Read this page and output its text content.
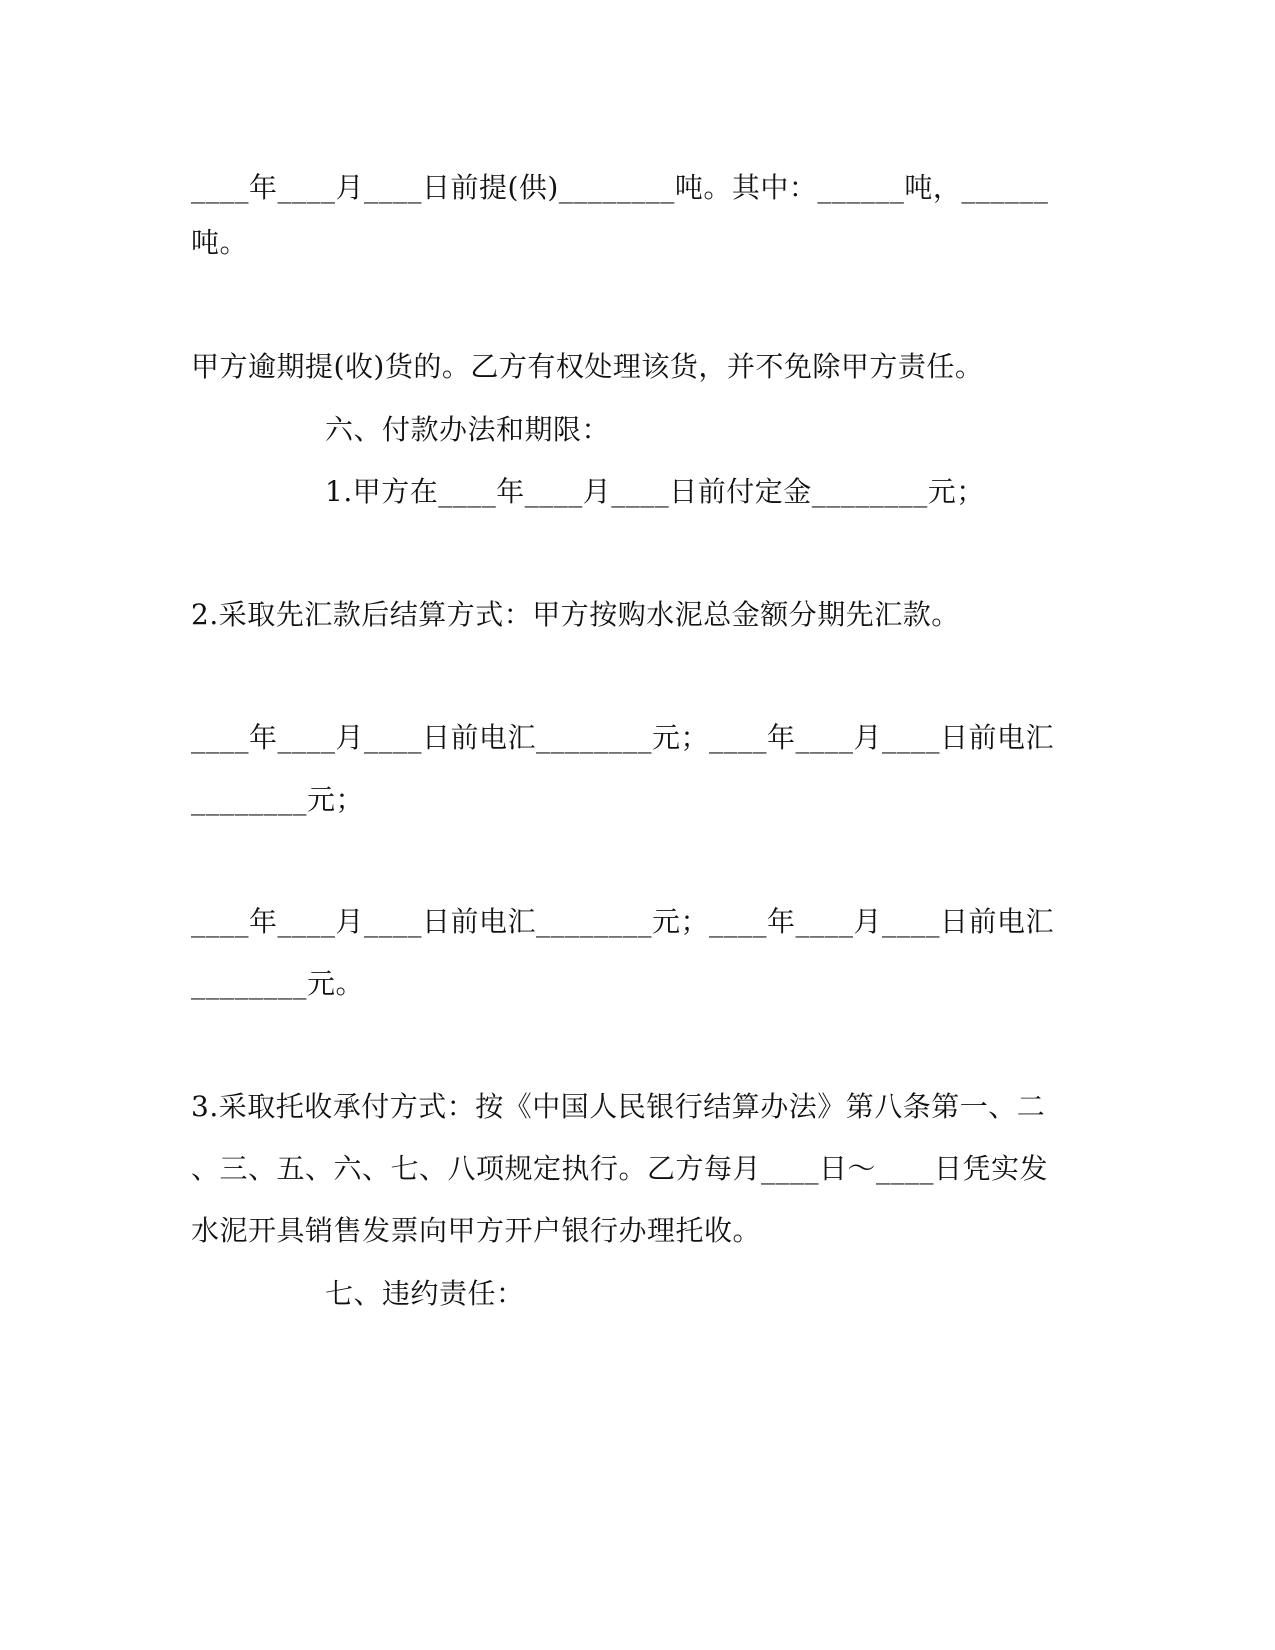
____年____月____日前提(供)________吨。其中：______吨，______
吨。
甲方逾期提(收)货的。乙方有权处理该货，并不免除甲方责任。
六、付款办法和期限：
1.甲方在____年____月____日前付定金________元；
2.采取先汇款后结算方式：甲方按购水泥总金额分期先汇款。
____年____月____日前电汇________元；____年____月____日前电汇
________元；
____年____月____日前电汇________元；____年____月____日前电汇
________元。
3.采取托收承付方式：按《中国人民银行结算办法》第八条第一、二
、三、五、六、七、八项规定执行。乙方每月____日～____日凭实发
水泥开具销售发票向甲方开户银行办理托收。
七、违约责任：
